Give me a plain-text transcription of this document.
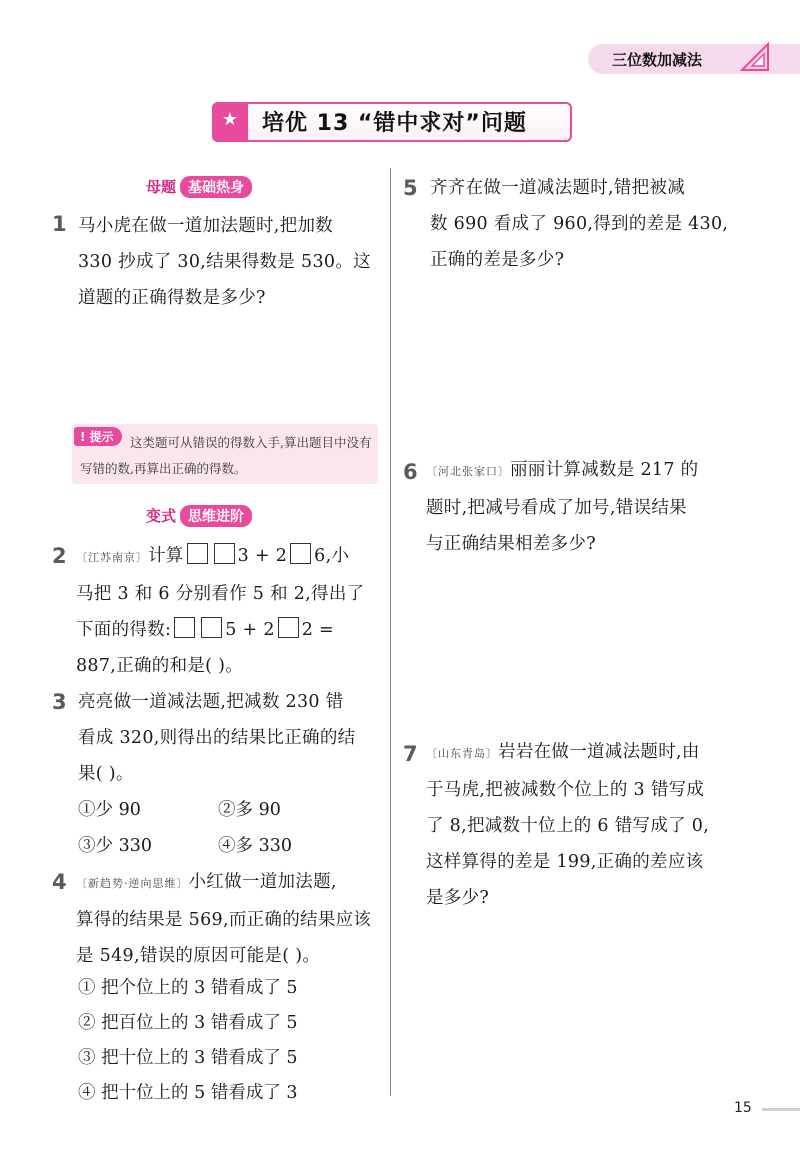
三位数加减法
★	培优 13 “错中求对”问题
母题 基础热身
1 马小虎在做一道加法题时,把加数
330 抄成了 30,结果得数是 530。这
道题的正确得数是多少?
这类题可从错误的得数入手,算出题目中没有写错的数,再算出正确的得数。
! 提示
变式 思维进阶
2 〔江苏南京〕计算	3 + 2 6,小
马把 3 和 6 分别看作 5 和 2,得出了
下面的得数:	5 + 2 2 =
887,正确的和是( )。
3 亮亮做一道减法题,把减数 230 错
看成 320,则得出的结果比正确的结
果( )。
①少 90	②多 90
③少 330	④多 330
4 〔新趋势·逆向思维〕小红做一道加法题,
算得的结果是 569,而正确的结果应该
是 549,错误的原因可能是( )。
① 把个位上的 3 错看成了 5
② 把百位上的 3 错看成了 5
③ 把十位上的 3 错看成了 5
④ 把十位上的 5 错看成了 3
5 齐齐在做一道减法题时,错把被减
数 690 看成了 960,得到的差是 430,
正确的差是多少?
6 〔河北张家口〕丽丽计算减数是 217 的
题时,把减号看成了加号,错误结果
与正确结果相差多少?
7 〔山东青岛〕岩岩在做一道减法题时,由
于马虎,把被减数个位上的 3 错写成
了 8,把减数十位上的 6 错写成了 0,
这样算得的差是 199,正确的差应该
是多少?
15
